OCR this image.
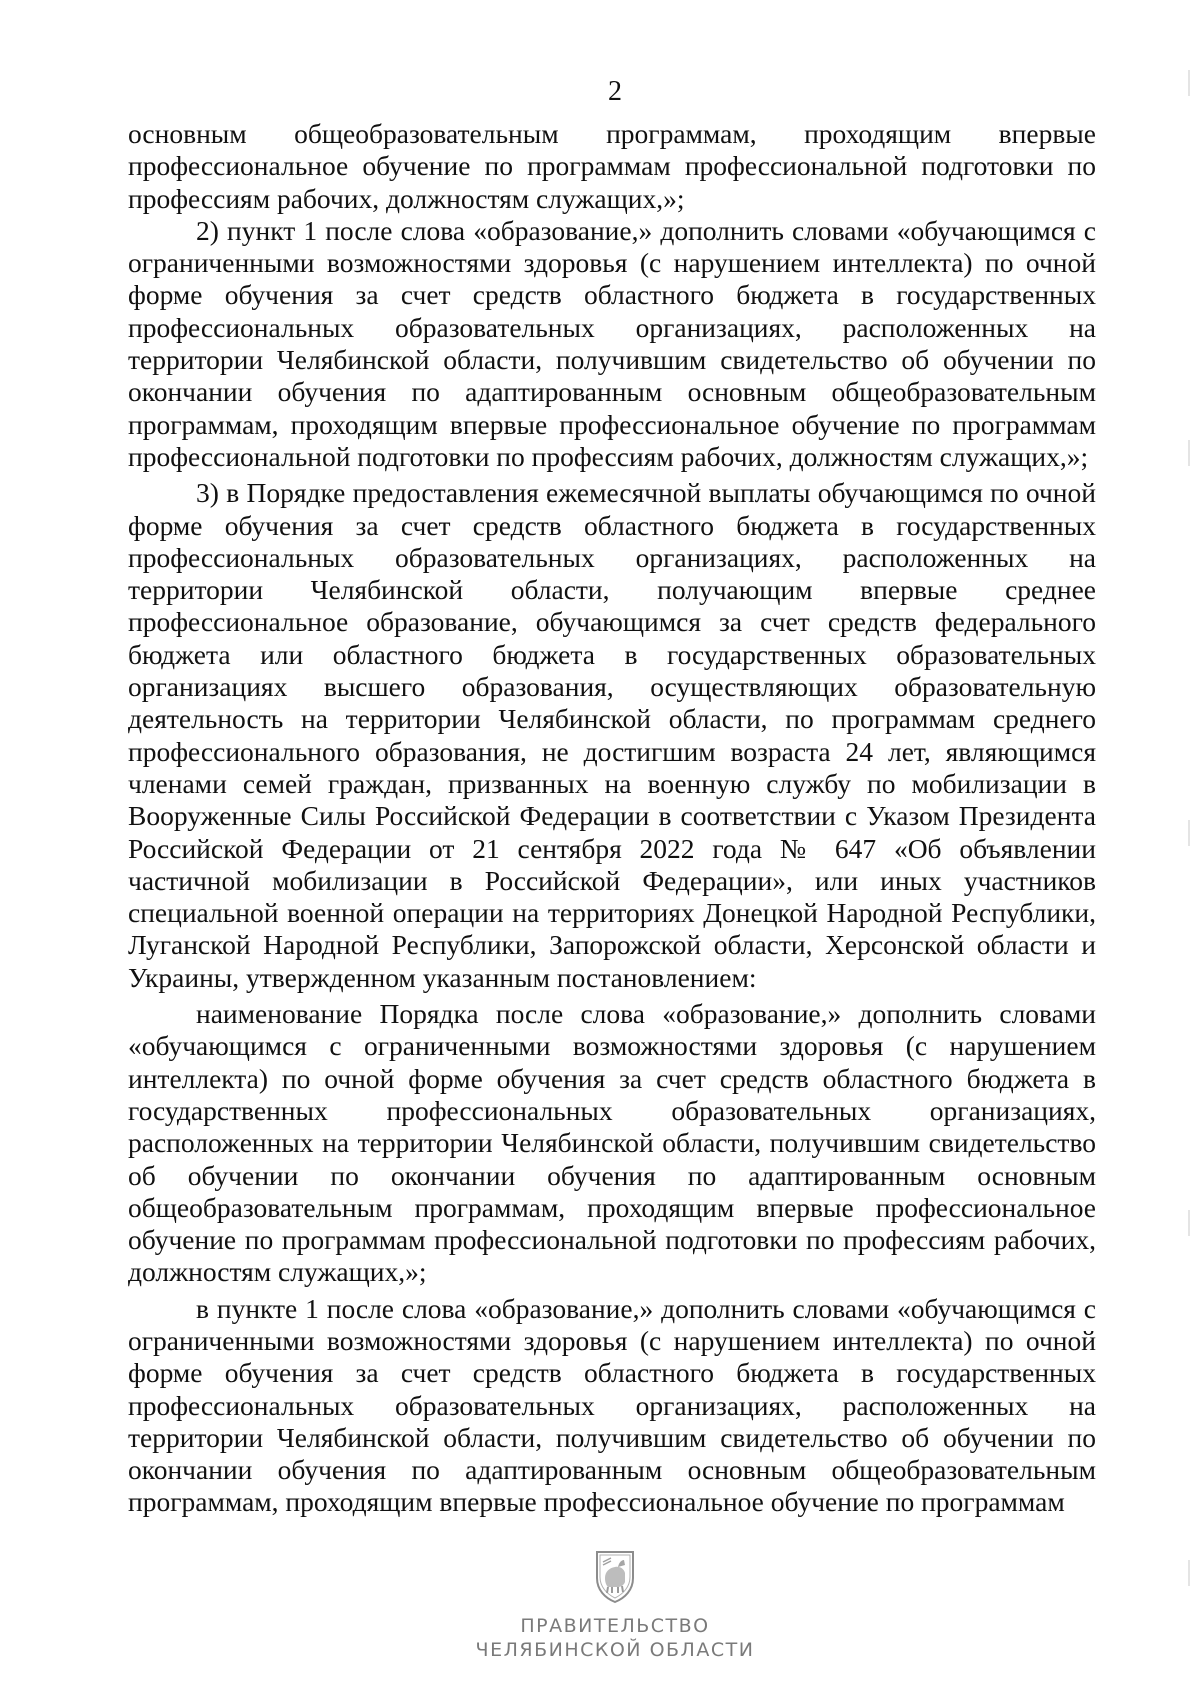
2

основным общеобразовательным программам, проходящим впервые профессиональное обучение по программам профессиональной подготовки по профессиям рабочих, должностям служащих,»;

2) пункт 1 после слова «образование,» дополнить словами «обучающимся с ограниченными возможностями здоровья (с нарушением интеллекта) по очной форме обучения за счет средств областного бюджета в государственных профессиональных образовательных организациях, расположенных на территории Челябинской области, получившим свидетельство об обучении по окончании обучения по адаптированным основным общеобразовательным программам, проходящим впервые профессиональное обучение по программам профессиональной подготовки по профессиям рабочих, должностям служащих,»;

3) в Порядке предоставления ежемесячной выплаты обучающимся по очной форме обучения за счет средств областного бюджета в государственных профессиональных образовательных организациях, расположенных на территории Челябинской области, получающим впервые среднее профессиональное образование, обучающимся за счет средств федерального бюджета или областного бюджета в государственных образовательных организациях высшего образования, осуществляющих образовательную деятельность на территории Челябинской области, по программам среднего профессионального образования, не достигшим возраста 24 лет, являющимся членами семей граждан, призванных на военную службу по мобилизации в Вооруженные Силы Российской Федерации в соответствии с Указом Президента Российской Федерации от 21 сентября 2022 года № 647 «Об объявлении частичной мобилизации в Российской Федерации», или иных участников специальной военной операции на территориях Донецкой Народной Республики, Луганской Народной Республики, Запорожской области, Херсонской области и Украины, утвержденном указанным постановлением:

наименование Порядка после слова «образование,» дополнить словами «обучающимся с ограниченными возможностями здоровья (с нарушением интеллекта) по очной форме обучения за счет средств областного бюджета в государственных профессиональных образовательных организациях, расположенных на территории Челябинской области, получившим свидетельство об обучении по окончании обучения по адаптированным основным общеобразовательным программам, проходящим впервые профессиональное обучение по программам профессиональной подготовки по профессиям рабочих, должностям служащих,»;

в пункте 1 после слова «образование,» дополнить словами «обучающимся с ограниченными возможностями здоровья (с нарушением интеллекта) по очной форме обучения за счет средств областного бюджета в государственных профессиональных образовательных организациях, расположенных на территории Челябинской области, получившим свидетельство об обучении по окончании обучения по адаптированным основным общеобразовательным программам, проходящим впервые профессиональное обучение по программам

ПРАВИТЕЛЬСТВО
ЧЕЛЯБИНСКОЙ ОБЛАСТИ
